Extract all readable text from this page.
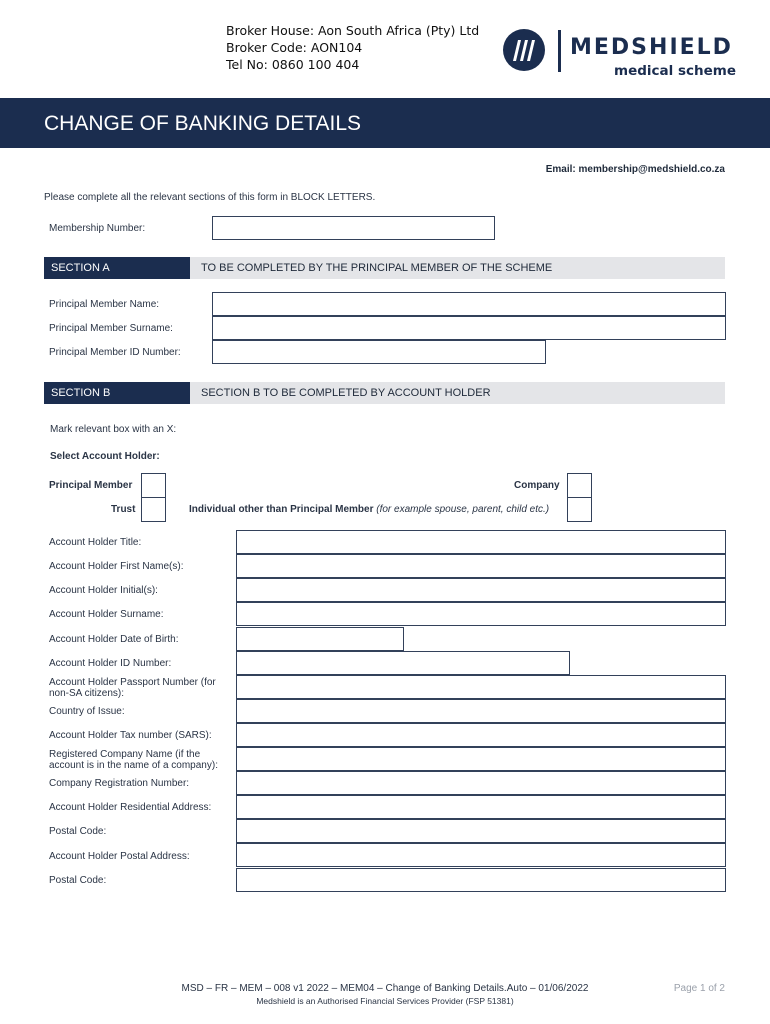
Broker House: Aon South Africa (Pty) Ltd
Broker Code: AON104
Tel No: 0860 100 404
MEDSHIELD
medical scheme
CHANGE OF BANKING DETAILS
Email: membership@medshield.co.za
Please complete all the relevant sections of this form in BLOCK LETTERS.
Membership Number:
SECTION A	TO BE COMPLETED BY THE PRINCIPAL MEMBER OF THE SCHEME
Principal Member Name:
Principal Member Surname:
Principal Member ID Number:
SECTION B	SECTION B TO BE COMPLETED BY ACCOUNT HOLDER
Mark relevant box with an X:
Select Account Holder:
Principal Member
Trust
Company
Individual other than Principal Member (for example spouse, parent, child etc.)
Account Holder Title:
Account Holder First Name(s):
Account Holder Initial(s):
Account Holder Surname:
Account Holder Date of Birth:
Account Holder ID Number:
Account Holder Passport Number (for non-SA citizens):
Country of Issue:
Account Holder Tax number (SARS):
Registered Company Name (if the account is in the name of a company):
Company Registration Number:
Account Holder Residential Address:
Postal Code:
Account Holder Postal Address:
Postal Code:
MSD – FR – MEM – 008 v1 2022 – MEM04 – Change of Banking Details.Auto – 01/06/2022
Medshield is an Authorised Financial Services Provider (FSP 51381)
Page 1 of 2
